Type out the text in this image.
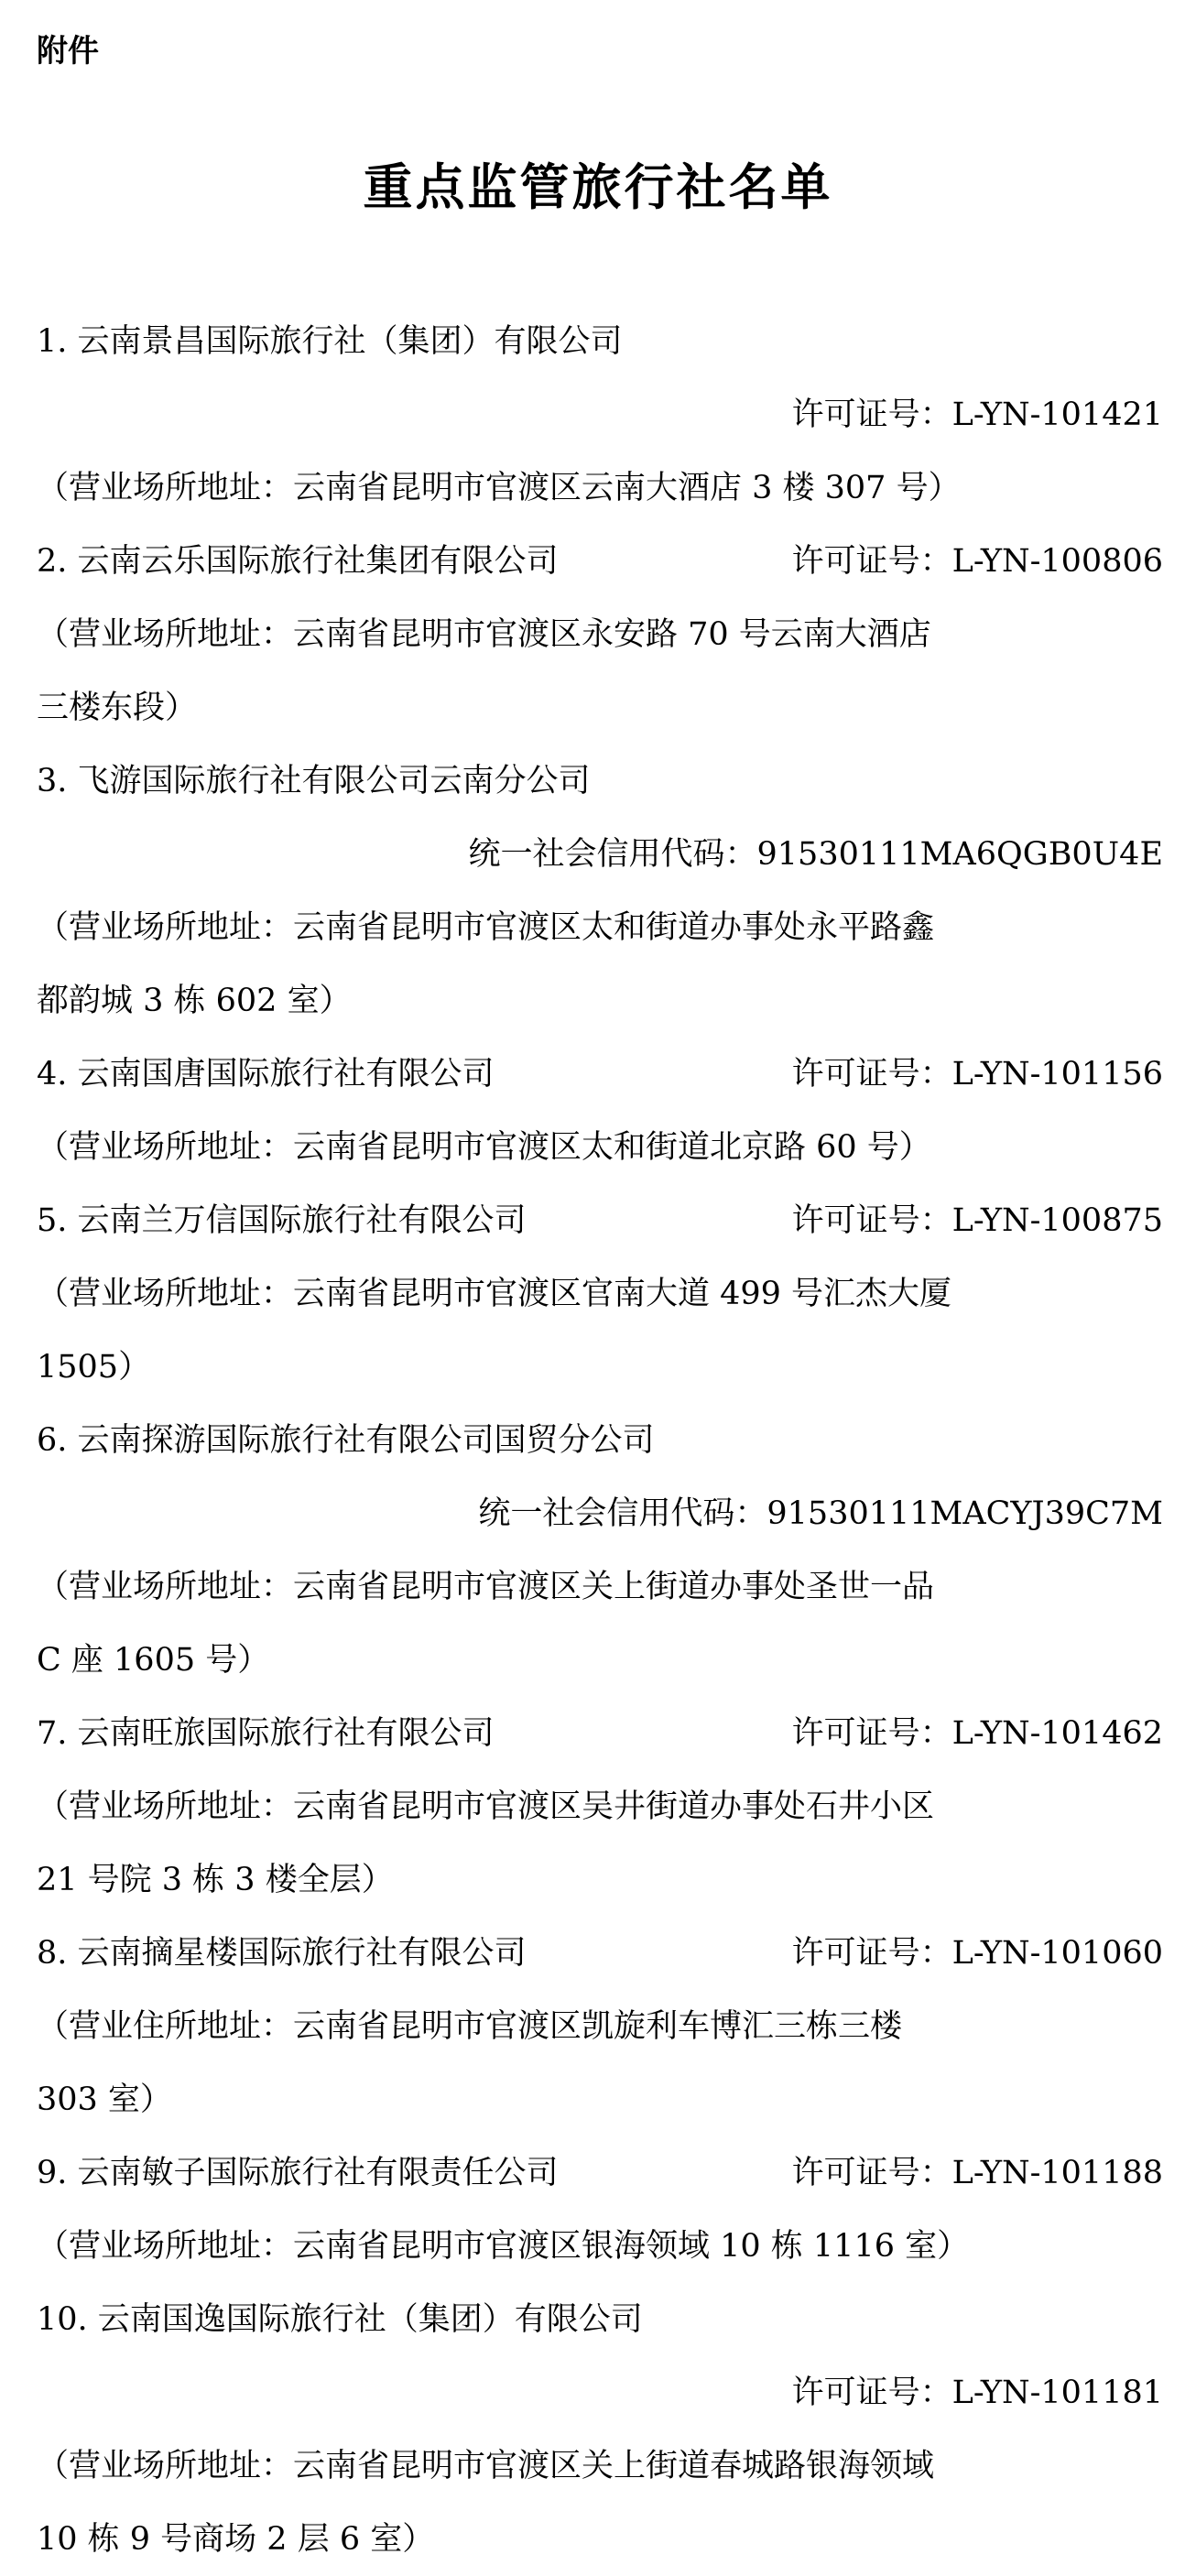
附件
重点监管旅行社名单
1. 云南景昌国际旅行社（集团）有限公司
许可证号：L-YN-101421
（营业场所地址：云南省昆明市官渡区云南大酒店 3 楼 307 号）
2. 云南云乐国际旅行社集团有限公司	许可证号：L-YN-100806
（营业场所地址：云南省昆明市官渡区永安路 70 号云南大酒店
三楼东段）
3. 飞游国际旅行社有限公司云南分公司
统一社会信用代码：91530111MA6QGB0U4E
（营业场所地址：云南省昆明市官渡区太和街道办事处永平路鑫
都韵城 3 栋 602 室）
4. 云南国唐国际旅行社有限公司	许可证号：L-YN-101156
（营业场所地址：云南省昆明市官渡区太和街道北京路 60 号）
5. 云南兰万信国际旅行社有限公司	许可证号：L-YN-100875
（营业场所地址：云南省昆明市官渡区官南大道 499 号汇杰大厦
1505）
6. 云南探游国际旅行社有限公司国贸分公司
统一社会信用代码：91530111MACYJ39C7M
（营业场所地址：云南省昆明市官渡区关上街道办事处圣世一品
C 座 1605 号）
7. 云南旺旅国际旅行社有限公司	许可证号：L-YN-101462
（营业场所地址：云南省昆明市官渡区吴井街道办事处石井小区
21 号院 3 栋 3 楼全层）
8. 云南摘星楼国际旅行社有限公司	许可证号：L-YN-101060
（营业住所地址：云南省昆明市官渡区凯旋利车博汇三栋三楼
303 室）
9. 云南敏子国际旅行社有限责任公司	许可证号：L-YN-101188
（营业场所地址：云南省昆明市官渡区银海领域 10 栋 1116 室）
10. 云南国逸国际旅行社（集团）有限公司
许可证号：L-YN-101181
（营业场所地址：云南省昆明市官渡区关上街道春城路银海领域
10 栋 9 号商场 2 层 6 室）
